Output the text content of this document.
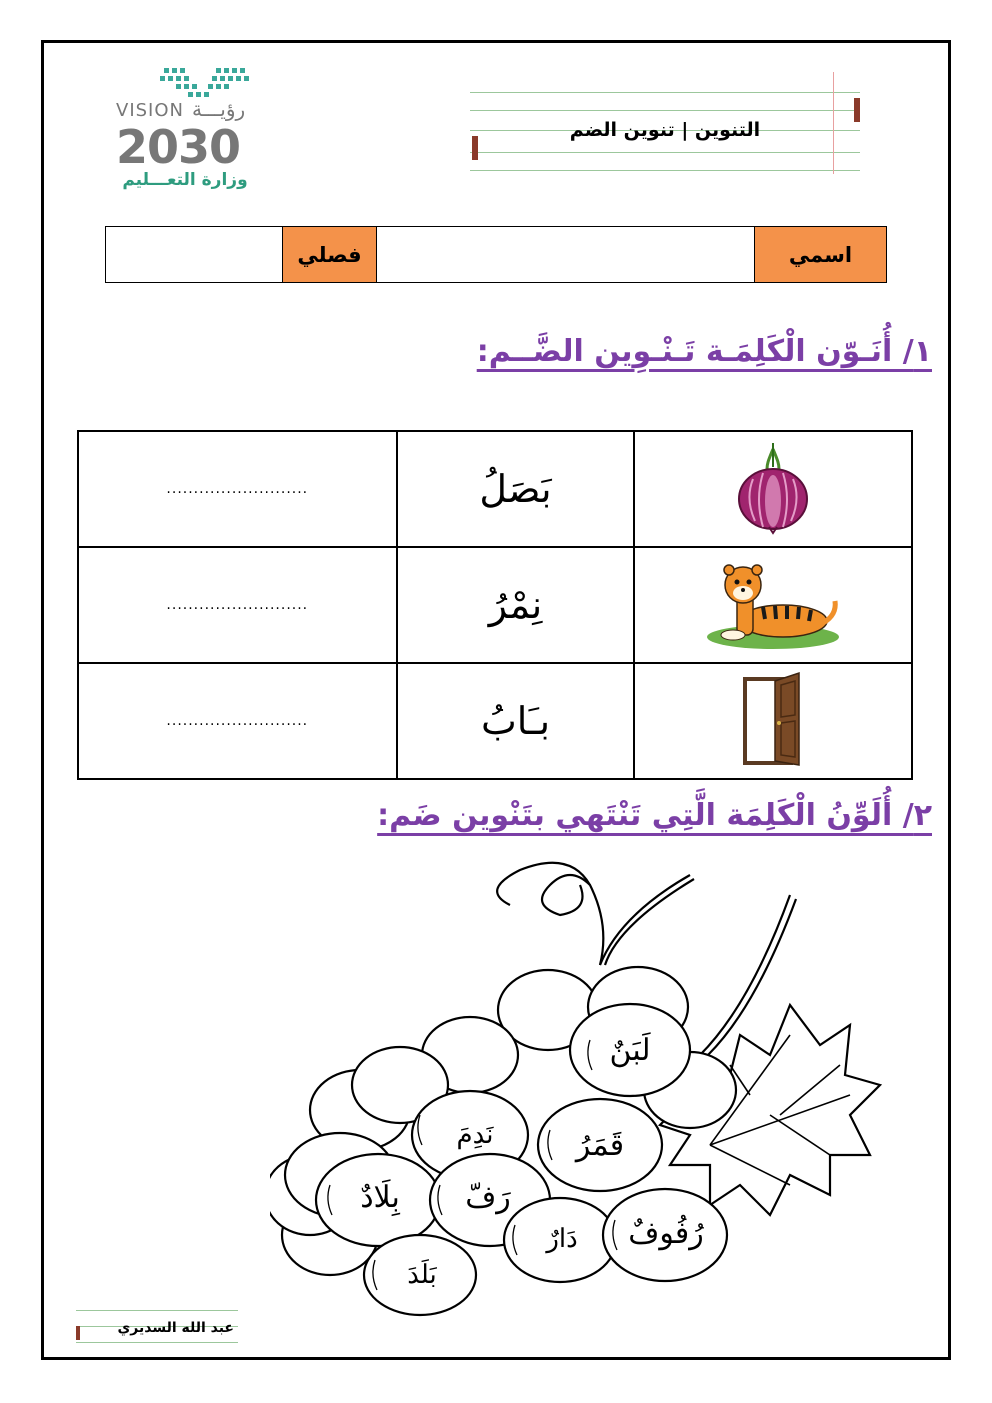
VISION رؤيـــة
2030
وزارة التعـــليم
التنوين | تنوين الضم
اسمي
فصلي
١/ أُنَـوّن الْكَلِمَـة تَـنْـوِين الضَّــم:
..........................	بَصَلُ	
..........................	نِمْرُ	
..........................	بـَابُ	
٢/ أُلَوِّنُ الْكَلِمَة الَّتِي تَنْتَهي بتَنْوين ضَم:
لَبَنٌ
نَدِمَ	قَمَرُ
رَفّ
بِلَادٌ
دَارٌ رُفُوفٌ
بَلَدَ
عبد الله السديري
